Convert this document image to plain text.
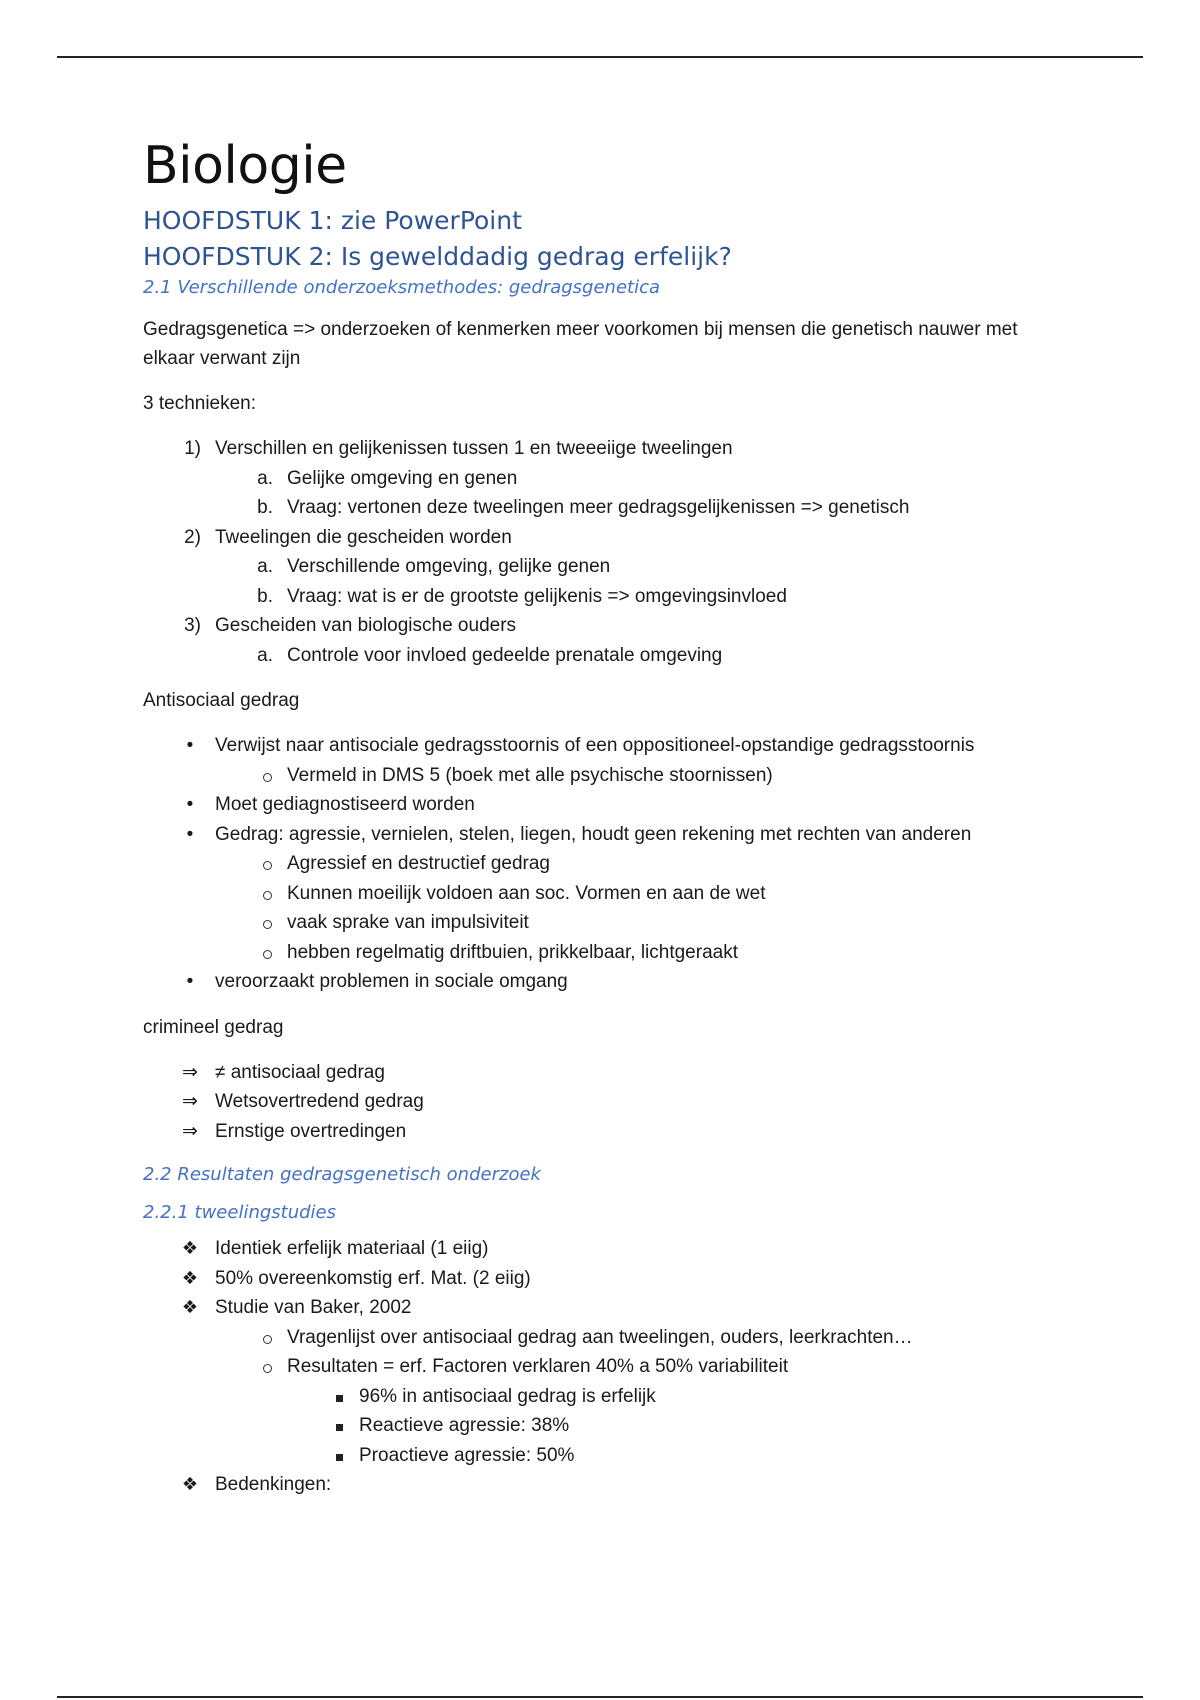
Biologie
HOOFDSTUK 1: zie PowerPoint
HOOFDSTUK 2: Is gewelddadig gedrag erfelijk?
2.1 Verschillende onderzoeksmethodes: gedragsgenetica

Gedragsgenetica => onderzoeken of kenmerken meer voorkomen bij mensen die genetisch nauwer met elkaar verwant zijn

3 technieken:

1) Verschillen en gelijkenissen tussen 1 en tweeeiige tweelingen
a. Gelijke omgeving en genen
b. Vraag: vertonen deze tweelingen meer gedragsgelijkenissen => genetisch
2) Tweelingen die gescheiden worden
a. Verschillende omgeving, gelijke genen
b. Vraag: wat is er de grootste gelijkenis => omgevingsinvloed
3) Gescheiden van biologische ouders
a. Controle voor invloed gedeelde prenatale omgeving

Antisociaal gedrag

•	Verwijst naar antisociale gedragsstoornis of een oppositioneel-opstandige gedragsstoornis
Vermeld in DMS 5 (boek met alle psychische stoornissen)
•	Moet gediagnostiseerd worden
•	Gedrag: agressie, vernielen, stelen, liegen, houdt geen rekening met rechten van anderen
Agressief en destructief gedrag
Kunnen moeilijk voldoen aan soc. Vormen en aan de wet
vaak sprake van impulsiviteit
hebben regelmatig driftbuien, prikkelbaar, lichtgeraakt
•	veroorzaakt problemen in sociale omgang

crimineel gedrag

⇒ ≠ antisociaal gedrag
⇒ Wetsovertredend gedrag
⇒ Ernstige overtredingen
2.2 Resultaten gedragsgenetisch onderzoek
2.2.1 tweelingstudies
❖ Identiek erfelijk materiaal (1 eiig)
❖ 50% overeenkomstig erf. Mat. (2 eiig)
❖ Studie van Baker, 2002
Vragenlijst over antisociaal gedrag aan tweelingen, ouders, leerkrachten…
Resultaten = erf. Factoren verklaren 40% a 50% variabiliteit
96% in antisociaal gedrag is erfelijk
Reactieve agressie: 38%
Proactieve agressie: 50%
❖ Bedenkingen:
